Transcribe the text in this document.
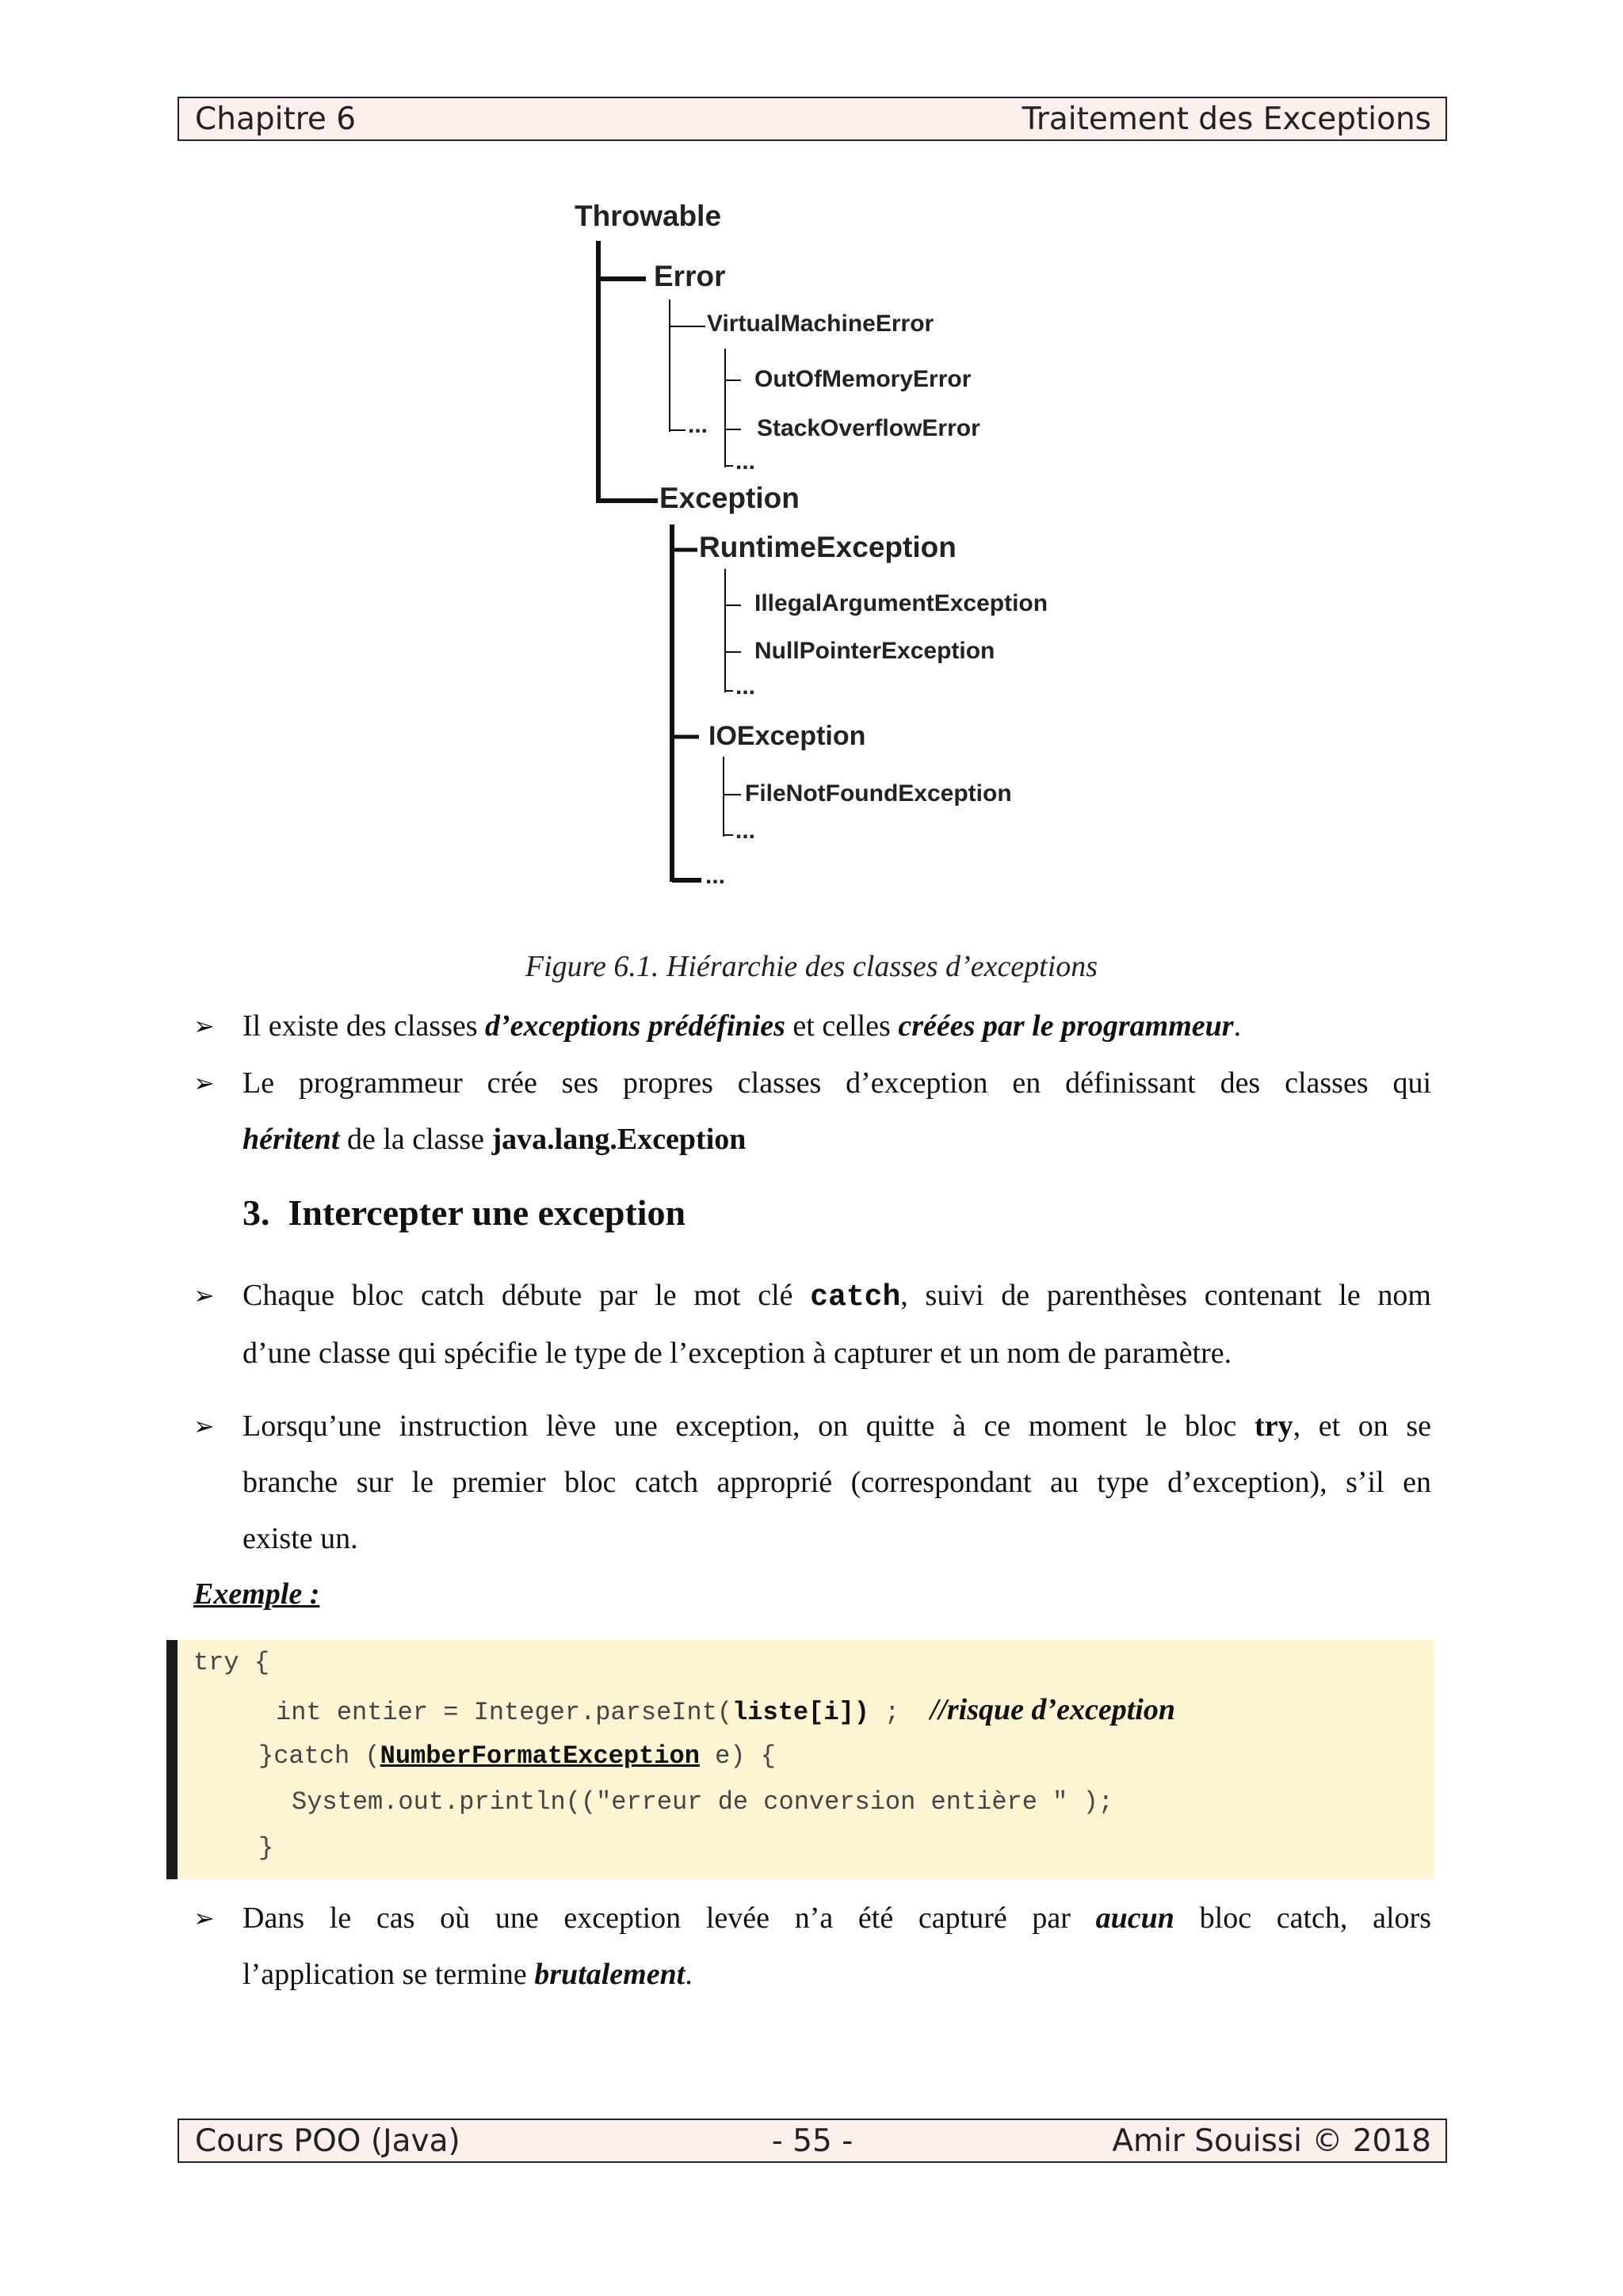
Chapitre 6	Traitement des Exceptions
Throwable
Error
VirtualMachineError
OutOfMemoryError
... StackOverflowError
...
Exception
RuntimeException
IllegalArgumentException
NullPointerException
...
IOException
FileNotFoundException
...
...
Figure 6.1. Hiérarchie des classes d’exceptions
➢ Il existe des classes d’exceptions prédéfinies et celles créées par le programmeur.
➢ Le programmeur crée ses propres classes d’exception en définissant des classes qui
héritent de la classe java.lang.Exception
3. Intercepter une exception
➢ Chaque bloc catch débute par le mot clé catch, suivi de parenthèses contenant le nom
d’une classe qui spécifie le type de l’exception à capturer et un nom de paramètre.
➢ Lorsqu’une instruction lève une exception, on quitte à ce moment le bloc try, et on se
branche sur le premier bloc catch approprié (correspondant au type d’exception), s’il en
existe un.
Exemple :
try {
int entier = Integer.parseInt(liste[i]) ; //risque d’exception
}catch (NumberFormatException e) {
System.out.println(("erreur de conversion entière " );
}
➢ Dans le cas où une exception levée n’a été capturé par aucun bloc catch, alors
l’application se termine brutalement.
Cours POO (Java)	- 55 -	Amir Souissi © 2018
